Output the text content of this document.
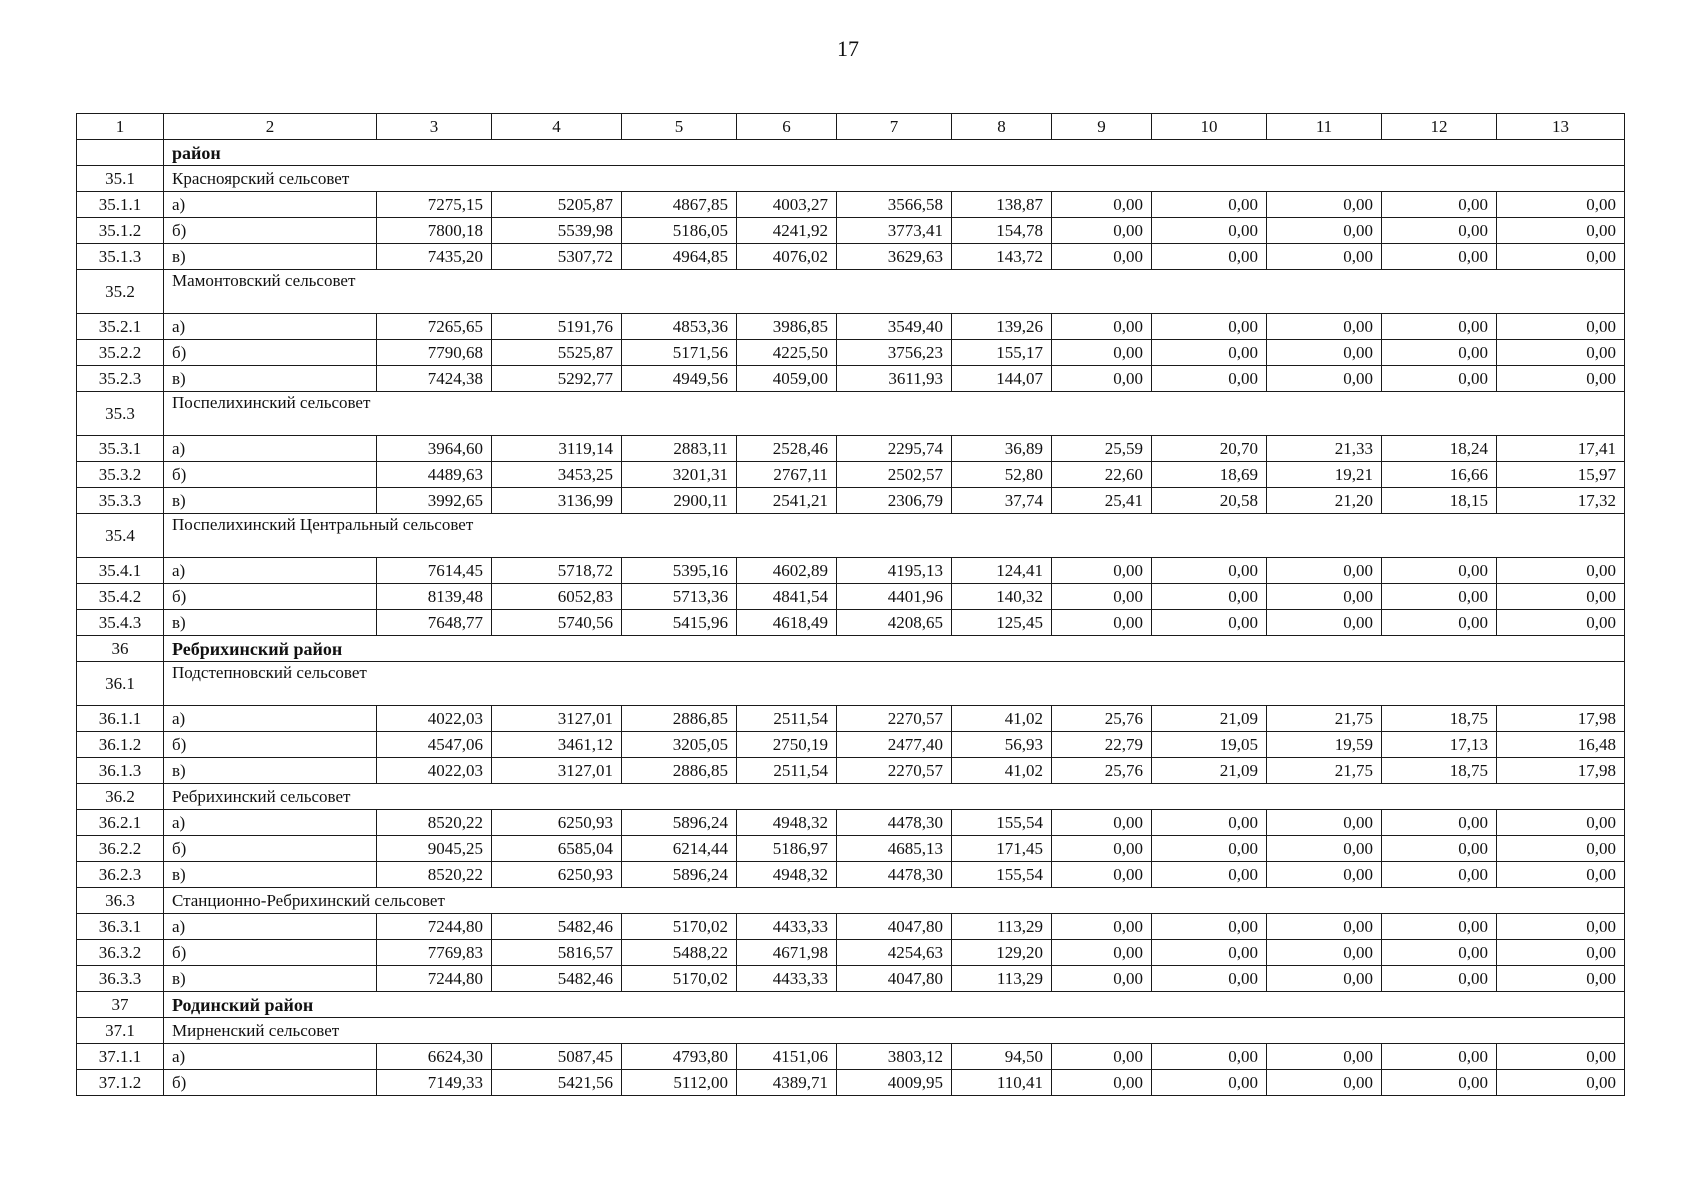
17
1	2	3	4	5	6	7	8	9	10	11	12	13
	район											
35.1	Красноярский сельсовет											
35.1.1	а)	7275,15	5205,87	4867,85	4003,27	3566,58	138,87	0,00	0,00	0,00	0,00	0,00
35.1.2	б)	7800,18	5539,98	5186,05	4241,92	3773,41	154,78	0,00	0,00	0,00	0,00	0,00
35.1.3	в)	7435,20	5307,72	4964,85	4076,02	3629,63	143,72	0,00	0,00	0,00	0,00	0,00
35.2	Мамонтовский сельсовет											
35.2.1	а)	7265,65	5191,76	4853,36	3986,85	3549,40	139,26	0,00	0,00	0,00	0,00	0,00
35.2.2	б)	7790,68	5525,87	5171,56	4225,50	3756,23	155,17	0,00	0,00	0,00	0,00	0,00
35.2.3	в)	7424,38	5292,77	4949,56	4059,00	3611,93	144,07	0,00	0,00	0,00	0,00	0,00
35.3	Поспелихинский сельсовет											
35.3.1	а)	3964,60	3119,14	2883,11	2528,46	2295,74	36,89	25,59	20,70	21,33	18,24	17,41
35.3.2	б)	4489,63	3453,25	3201,31	2767,11	2502,57	52,80	22,60	18,69	19,21	16,66	15,97
35.3.3	в)	3992,65	3136,99	2900,11	2541,21	2306,79	37,74	25,41	20,58	21,20	18,15	17,32
35.4	Поспелихинский Центральный сельсовет											
35.4.1	а)	7614,45	5718,72	5395,16	4602,89	4195,13	124,41	0,00	0,00	0,00	0,00	0,00
35.4.2	б)	8139,48	6052,83	5713,36	4841,54	4401,96	140,32	0,00	0,00	0,00	0,00	0,00
35.4.3	в)	7648,77	5740,56	5415,96	4618,49	4208,65	125,45	0,00	0,00	0,00	0,00	0,00
36	Ребрихинский район											
36.1	Подстепновский сельсовет											
36.1.1	а)	4022,03	3127,01	2886,85	2511,54	2270,57	41,02	25,76	21,09	21,75	18,75	17,98
36.1.2	б)	4547,06	3461,12	3205,05	2750,19	2477,40	56,93	22,79	19,05	19,59	17,13	16,48
36.1.3	в)	4022,03	3127,01	2886,85	2511,54	2270,57	41,02	25,76	21,09	21,75	18,75	17,98
36.2	Ребрихинский сельсовет											
36.2.1	а)	8520,22	6250,93	5896,24	4948,32	4478,30	155,54	0,00	0,00	0,00	0,00	0,00
36.2.2	б)	9045,25	6585,04	6214,44	5186,97	4685,13	171,45	0,00	0,00	0,00	0,00	0,00
36.2.3	в)	8520,22	6250,93	5896,24	4948,32	4478,30	155,54	0,00	0,00	0,00	0,00	0,00
36.3	Станционно-Ребрихинский сельсовет											
36.3.1	а)	7244,80	5482,46	5170,02	4433,33	4047,80	113,29	0,00	0,00	0,00	0,00	0,00
36.3.2	б)	7769,83	5816,57	5488,22	4671,98	4254,63	129,20	0,00	0,00	0,00	0,00	0,00
36.3.3	в)	7244,80	5482,46	5170,02	4433,33	4047,80	113,29	0,00	0,00	0,00	0,00	0,00
37	Родинский район											
37.1	Мирненский сельсовет											
37.1.1	а)	6624,30	5087,45	4793,80	4151,06	3803,12	94,50	0,00	0,00	0,00	0,00	0,00
37.1.2	б)	7149,33	5421,56	5112,00	4389,71	4009,95	110,41	0,00	0,00	0,00	0,00	0,00
